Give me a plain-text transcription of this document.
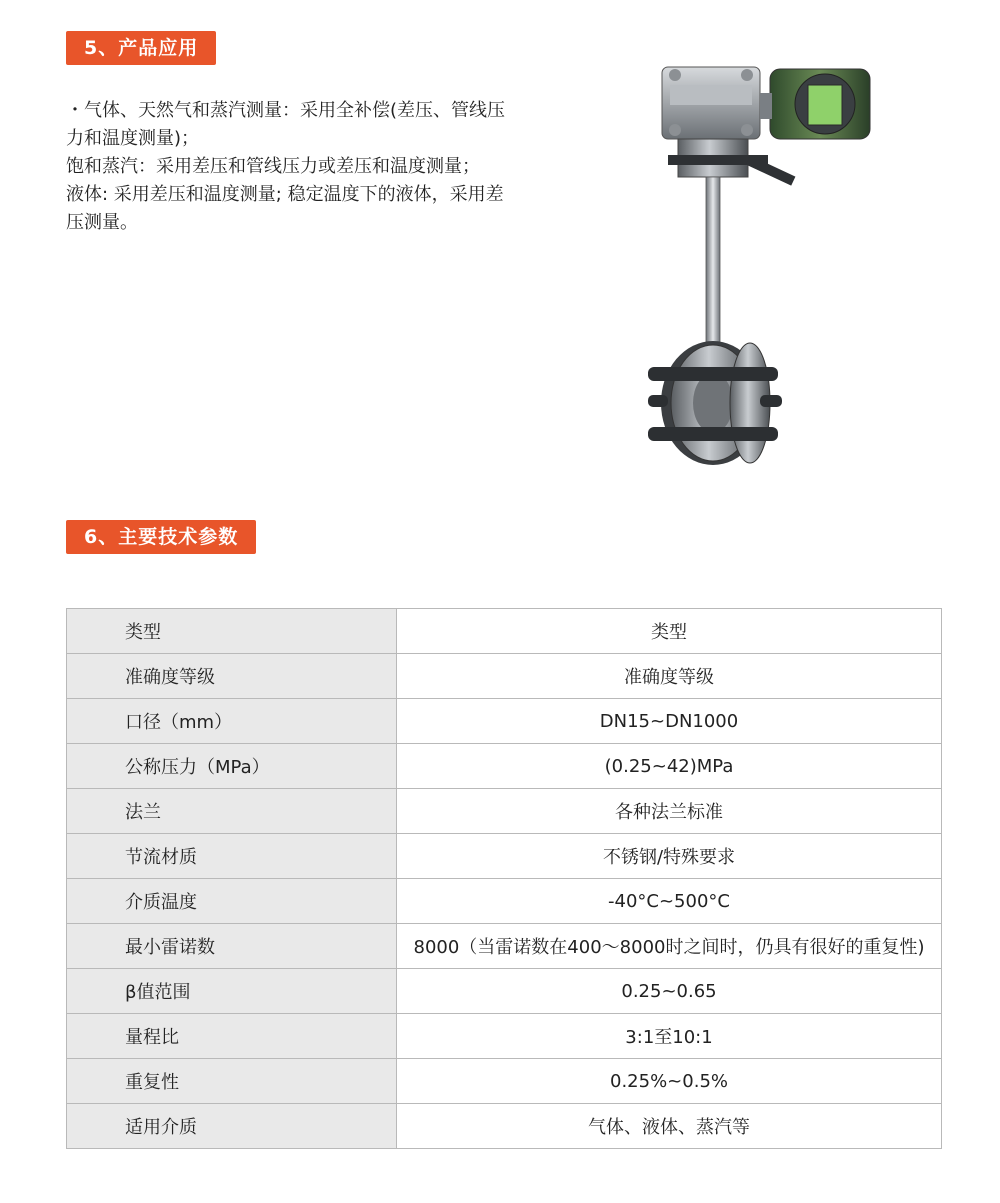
5、产品应用

・气体、天然气和蒸汽测量：采用全补偿(差压、管线压力和温度测量)；

饱和蒸汽：采用差压和管线压力或差压和温度测量；

液体: 采用差压和温度测量; 稳定温度下的液体，采用差压测量。

6、主要技术参数
类型	类型
准确度等级	准确度等级
口径（mm）	DN15~DN1000
公称压力（MPa）	(0.25~42)MPa
法兰	各种法兰标准
节流材质	不锈钢/特殊要求
介质温度	-40°C~500°C
最小雷诺数	8000（当雷诺数在400～8000时之间时，仍具有很好的重复性)
β值范围	0.25~0.65
量程比	3:1至10:1
重复性	0.25%~0.5%
适用介质	气体、液体、蒸汽等
